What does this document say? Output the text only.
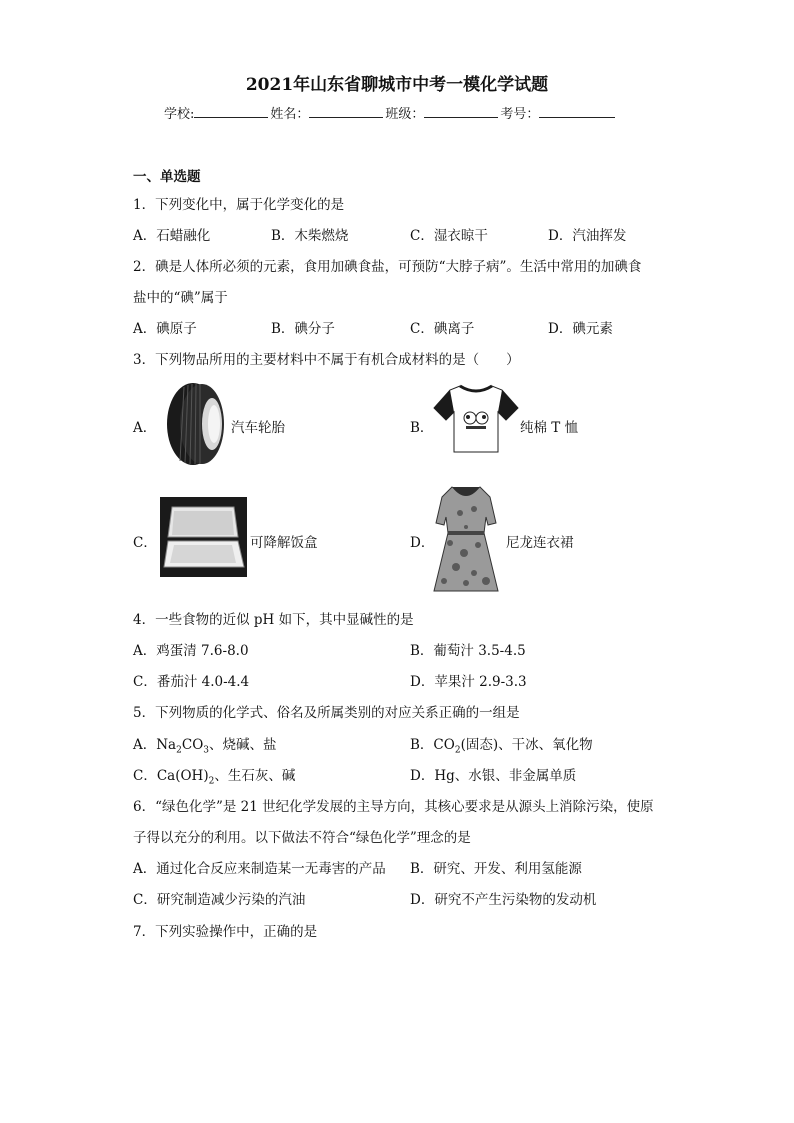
2021年山东省聊城市中考一模化学试题
学校:	姓名：	班级：	考号：
一、单选题
1．下列变化中，属于化学变化的是
A．石蜡融化	B．木柴燃烧	C．湿衣晾干	D．汽油挥发
2．碘是人体所必须的元素，食用加碘食盐，可预防“大脖子病”。生活中常用的加碘食
盐中的“碘”属于
A．碘原子	B．碘分子	C．碘离子	D．碘元素
3．下列物品所用的主要材料中不属于有机合成材料的是（　　）
A．	汽车轮胎	B．	纯棉 T 恤
C．	可降解饭盒	D．	尼龙连衣裙
4．一些食物的近似 pH 如下，其中显碱性的是
A．鸡蛋清 7.6-8.0	B．葡萄汁 3.5-4.5
C．番茄汁 4.0-4.4	D．苹果汁 2.9-3.3
5．下列物质的化学式、俗名及所属类别的对应关系正确的一组是
A．$Na_2CO_3$、烧碱、盐	B．$CO_2$(固态)、干冰、氧化物
C．$Ca(OH)_2$、生石灰、碱	D．Hg、水银、非金属单质
6．“绿色化学”是 21 世纪化学发展的主导方向，其核心要求是从源头上消除污染，使原
子得以充分的利用。以下做法不符合“绿色化学”理念的是
A．通过化合反应来制造某一无毒害的产品 B．研究、开发、利用氢能源
C．研究制造减少污染的汽油	D．研究不产生污染物的发动机
7．下列实验操作中，正确的是
